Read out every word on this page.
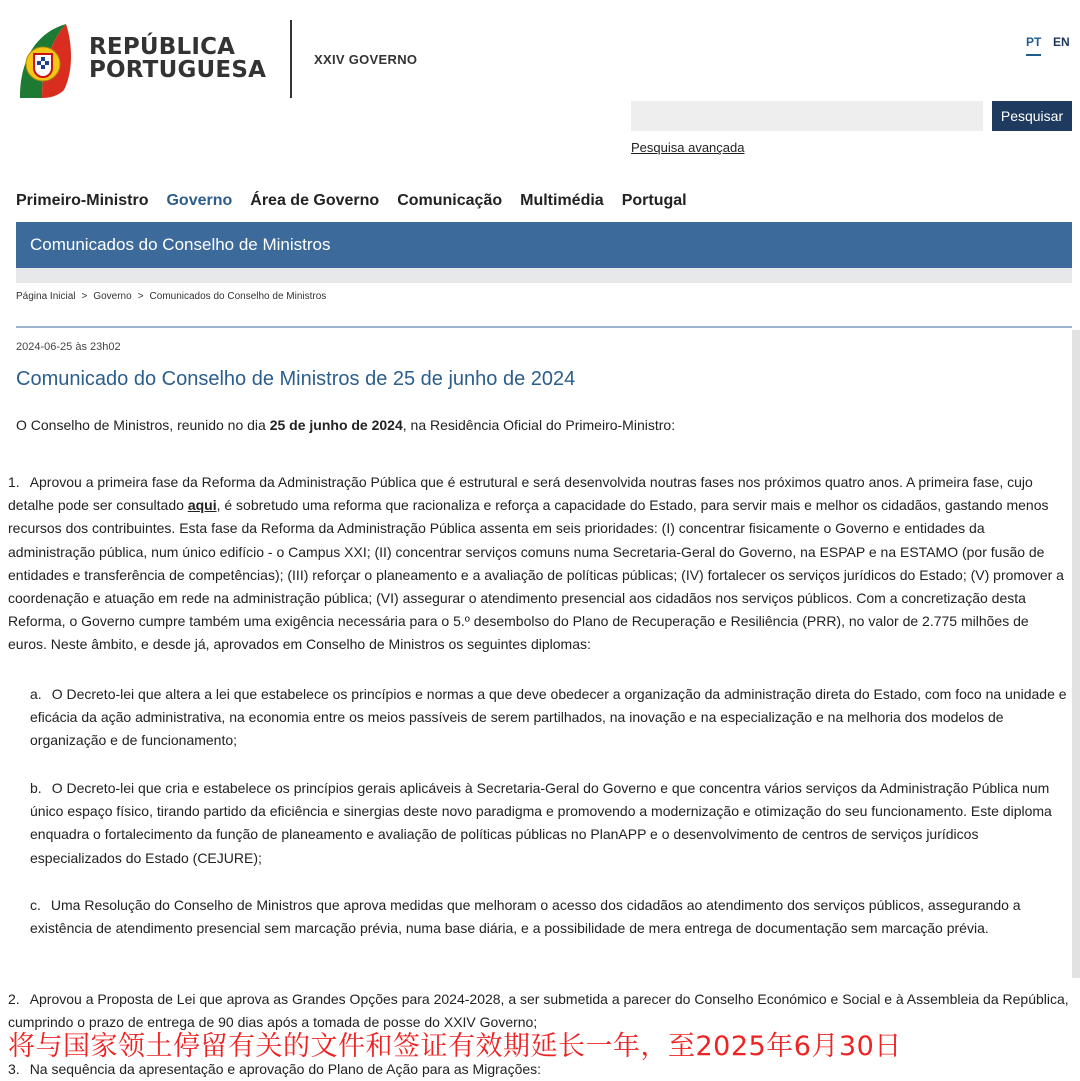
REPÚBLICA
PORTUGUESA	XXIV GOVERNO
PT EN
Pesquisar
Pesquisa avançada
Primeiro-Ministro Governo Área de Governo Comunicação Multimédia Portugal
Comunicados do Conselho de Ministros
Página Inicial > Governo > Comunicados do Conselho de Ministros
2024-06-25 às 23h02
Comunicado do Conselho de Ministros de 25 de junho de 2024
O Conselho de Ministros, reunido no dia 25 de junho de 2024, na Residência Oficial do Primeiro-Ministro:
1. Aprovou a primeira fase da Reforma da Administração Pública que é estrutural e será desenvolvida noutras fases nos próximos quatro anos. A primeira fase, cujo detalhe pode ser consultado aqui, é sobretudo uma reforma que racionaliza e reforça a capacidade do Estado, para servir mais e melhor os cidadãos, gastando menos recursos dos contribuintes. Esta fase da Reforma da Administração Pública assenta em seis prioridades: (I) concentrar fisicamente o Governo e entidades da administração pública, num único edifício - o Campus XXI; (II) concentrar serviços comuns numa Secretaria-Geral do Governo, na ESPAP e na ESTAMO (por fusão de entidades e transferência de competências); (III) reforçar o planeamento e a avaliação de políticas públicas; (IV) fortalecer os serviços jurídicos do Estado; (V) promover a coordenação e atuação em rede na administração pública; (VI) assegurar o atendimento presencial aos cidadãos nos serviços públicos. Com a concretização desta Reforma, o Governo cumpre também uma exigência necessária para o 5.º desembolso do Plano de Recuperação e Resiliência (PRR), no valor de 2.775 milhões de euros. Neste âmbito, e desde já, aprovados em Conselho de Ministros os seguintes diplomas:
a. O Decreto-lei que altera a lei que estabelece os princípios e normas a que deve obedecer a organização da administração direta do Estado, com foco na unidade e eficácia da ação administrativa, na economia entre os meios passíveis de serem partilhados, na inovação e na especialização e na melhoria dos modelos de organização e de funcionamento;
b. O Decreto-lei que cria e estabelece os princípios gerais aplicáveis à Secretaria-Geral do Governo e que concentra vários serviços da Administração Pública num único espaço físico, tirando partido da eficiência e sinergias deste novo paradigma e promovendo a modernização e otimização do seu funcionamento. Este diploma enquadra o fortalecimento da função de planeamento e avaliação de políticas públicas no PlanAPP e o desenvolvimento de centros de serviços jurídicos especializados do Estado (CEJURE);
c. Uma Resolução do Conselho de Ministros que aprova medidas que melhoram o acesso dos cidadãos ao atendimento dos serviços públicos, assegurando a existência de atendimento presencial sem marcação prévia, numa base diária, e a possibilidade de mera entrega de documentação sem marcação prévia.
2. Aprovou a Proposta de Lei que aprova as Grandes Opções para 2024-2028, a ser submetida a parecer do Conselho Económico e Social e à Assembleia da República, cumprindo o prazo de entrega de 90 dias após a tomada de posse do XXIV Governo;
3. Na sequência da apresentação e aprovação do Plano de Ação para as Migrações:
将与国家领土停留有关的文件和签证有效期延长一年，至2025年6月30日
